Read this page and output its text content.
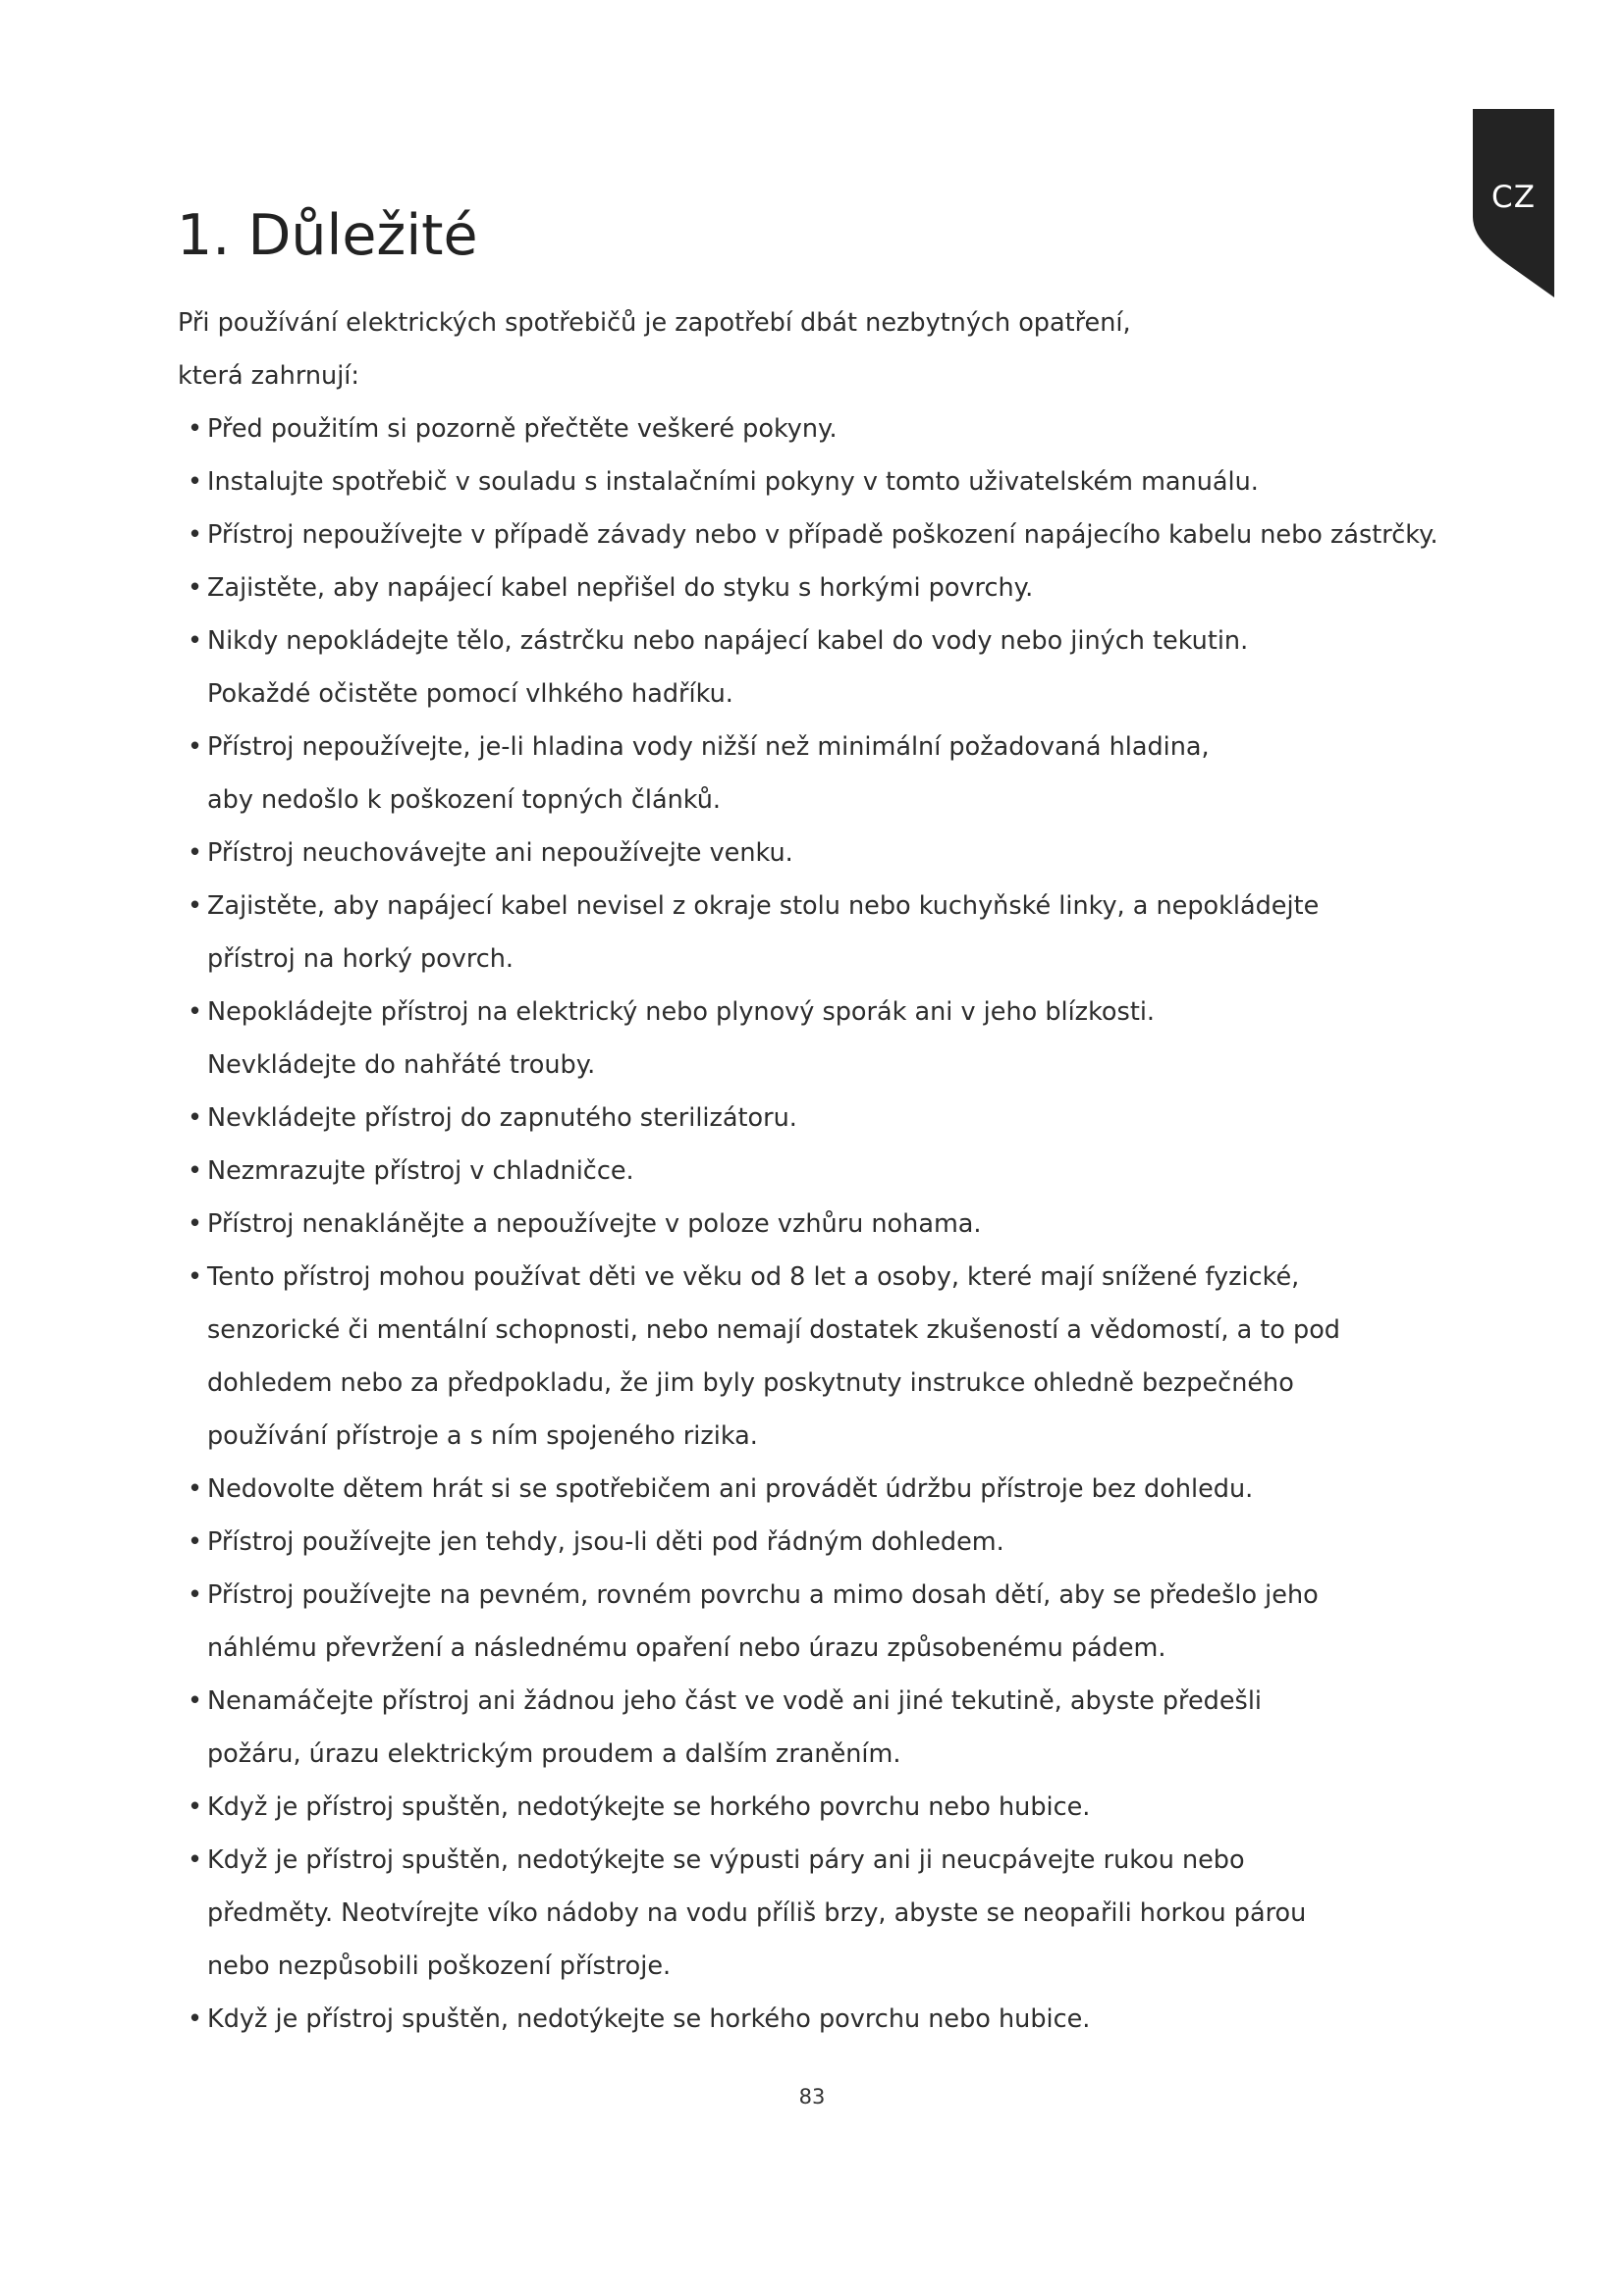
CZ
1. Důležité
Při používání elektrických spotřebičů je zapotřebí dbát nezbytných opatření,
která zahrnují:
• Před použitím si pozorně přečtěte veškeré pokyny.
• Instalujte spotřebič v souladu s instalačními pokyny v tomto uživatelském manuálu.
• Přístroj nepoužívejte v případě závady nebo v případě poškození napájecího kabelu nebo zástrčky.
• Zajistěte, aby napájecí kabel nepřišel do styku s horkými povrchy.
• Nikdy nepokládejte tělo, zástrčku nebo napájecí kabel do vody nebo jiných tekutin.
Pokaždé očistěte pomocí vlhkého hadříku.
• Přístroj nepoužívejte, je-li hladina vody nižší než minimální požadovaná hladina,
aby nedošlo k poškození topných článků.
• Přístroj neuchovávejte ani nepoužívejte venku.
• Zajistěte, aby napájecí kabel nevisel z okraje stolu nebo kuchyňské linky, a nepokládejte
přístroj na horký povrch.
• Nepokládejte přístroj na elektrický nebo plynový sporák ani v jeho blízkosti.
Nevkládejte do nahřáté trouby.
• Nevkládejte přístroj do zapnutého sterilizátoru.
• Nezmrazujte přístroj v chladničce.
• Přístroj nenaklánějte a nepoužívejte v poloze vzhůru nohama.
• Tento přístroj mohou používat děti ve věku od 8 let a osoby, které mají snížené fyzické,
senzorické či mentální schopnosti, nebo nemají dostatek zkušeností a vědomostí, a to pod
dohledem nebo za předpokladu, že jim byly poskytnuty instrukce ohledně bezpečného
používání přístroje a s ním spojeného rizika.
• Nedovolte dětem hrát si se spotřebičem ani provádět údržbu přístroje bez dohledu.
• Přístroj používejte jen tehdy, jsou-li děti pod řádným dohledem.
• Přístroj používejte na pevném, rovném povrchu a mimo dosah dětí, aby se předešlo jeho
náhlému převržení a následnému opaření nebo úrazu způsobenému pádem.
• Nenamáčejte přístroj ani žádnou jeho část ve vodě ani jiné tekutině, abyste předešli
požáru, úrazu elektrickým proudem a dalším zraněním.
• Když je přístroj spuštěn, nedotýkejte se horkého povrchu nebo hubice.
• Když je přístroj spuštěn, nedotýkejte se výpusti páry ani ji neucpávejte rukou nebo
předměty. Neotvírejte víko nádoby na vodu příliš brzy, abyste se neopařili horkou párou
nebo nezpůsobili poškození přístroje.
• Když je přístroj spuštěn, nedotýkejte se horkého povrchu nebo hubice.
83
